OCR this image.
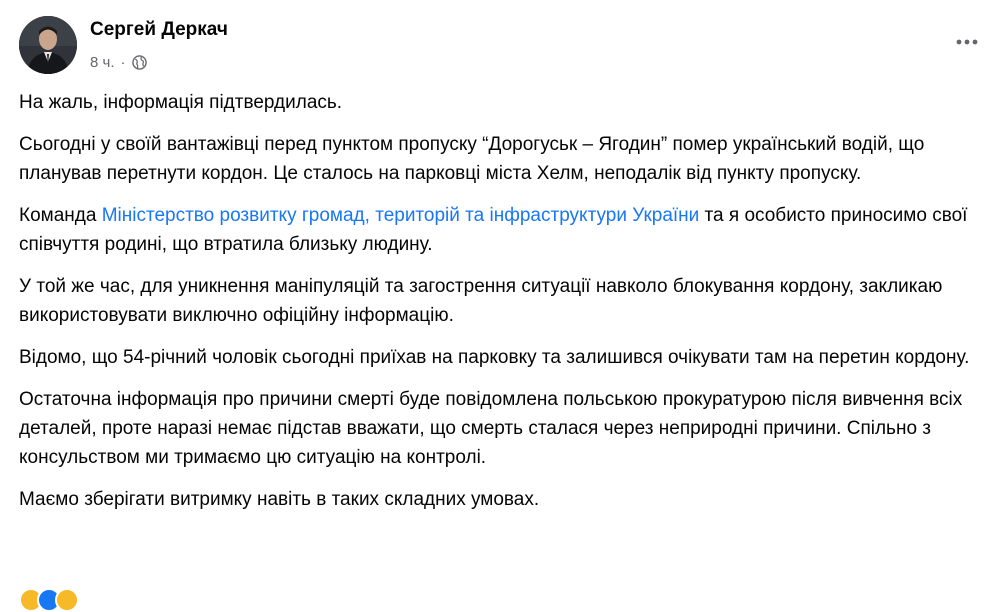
Сергей Деркач
8 ч. ·

На жаль, інформація підтвердилась.

Сьогодні у своїй вантажівці перед пунктом пропуску “Дорогуськ – Ягодин” помер український водій, що планував перетнути кордон. Це сталось на парковці міста Хелм, неподалік від пункту пропуску.

Команда Міністерство розвитку громад, територій та інфраструктури України та я особисто приносимо свої співчуття родині, що втратила близьку людину.

У той же час, для уникнення маніпуляцій та загострення ситуації навколо блокування кордону, закликаю використовувати виключно офіційну інформацію.

Відомо, що 54-річний чоловік сьогодні приїхав на парковку та залишився очікувати там на перетин кордону.

Остаточна інформація про причини смерті буде повідомлена польською прокуратурою після вивчення всіх деталей, проте наразі немає підстав вважати, що смерть сталася через неприродні причини. Спільно з консульством ми тримаємо цю ситуацію на контролі.

Маємо зберігати витримку навіть в таких складних умовах.
